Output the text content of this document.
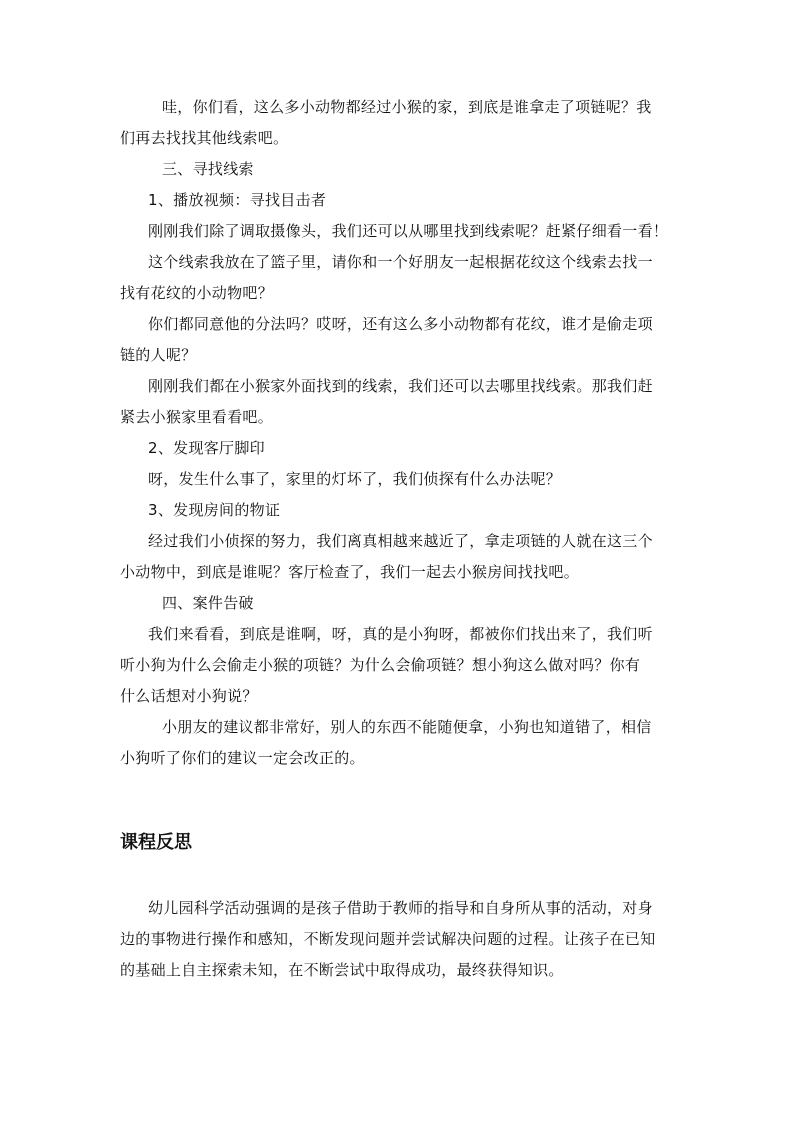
哇，你们看，这么多小动物都经过小猴的家，到底是谁拿走了项链呢？我
们再去找找其他线索吧。
三、寻找线索
1、播放视频：寻找目击者
刚刚我们除了调取摄像头，我们还可以从哪里找到线索呢？赶紧仔细看一看！
这个线索我放在了篮子里，请你和一个好朋友一起根据花纹这个线索去找一
找有花纹的小动物吧？
你们都同意他的分法吗？哎呀，还有这么多小动物都有花纹，谁才是偷走项
链的人呢？
刚刚我们都在小猴家外面找到的线索，我们还可以去哪里找线索。那我们赶
紧去小猴家里看看吧。
2、发现客厅脚印
呀，发生什么事了，家里的灯坏了，我们侦探有什么办法呢？
3、发现房间的物证
经过我们小侦探的努力，我们离真相越来越近了，拿走项链的人就在这三个
小动物中，到底是谁呢？客厅检查了，我们一起去小猴房间找找吧。
四、案件告破
我们来看看，到底是谁啊，呀，真的是小狗呀，都被你们找出来了，我们听
听小狗为什么会偷走小猴的项链？为什么会偷项链？想小狗这么做对吗？你有
什么话想对小狗说？
小朋友的建议都非常好，别人的东西不能随便拿，小狗也知道错了，相信
小狗听了你们的建议一定会改正的。
课程反思
幼儿园科学活动强调的是孩子借助于教师的指导和自身所从事的活动，对身
边的事物进行操作和感知，不断发现问题并尝试解决问题的过程。让孩子在已知
的基础上自主探索未知，在不断尝试中取得成功，最终获得知识。
